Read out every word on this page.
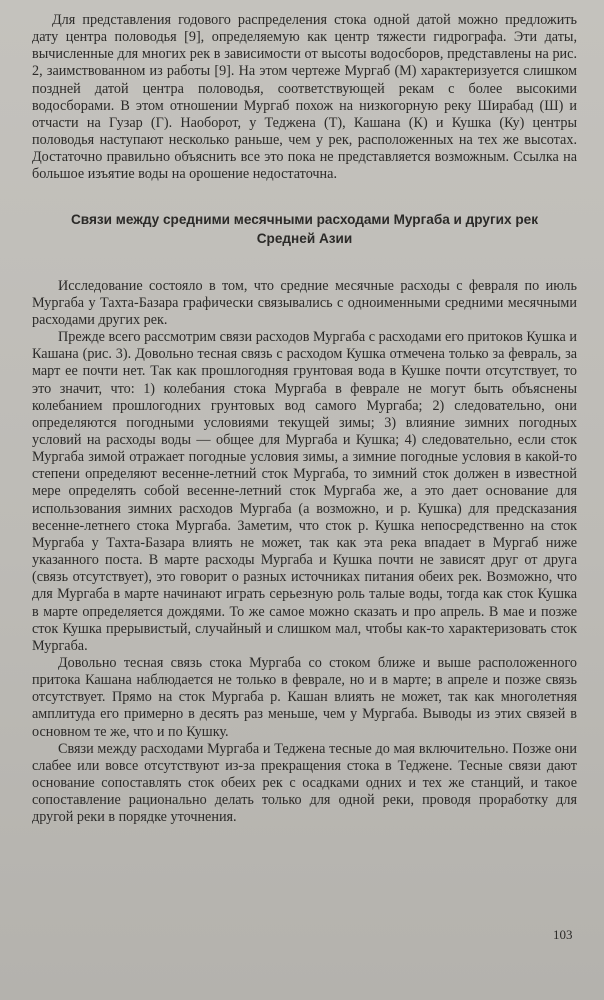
Для представления годового распределения стока одной датой можно предложить дату центра половодья [9], определяемую как центр тяжести гидрографа. Эти даты, вычисленные для многих рек в зависимости от высоты водосборов, представлены на рис. 2, заимствованном из работы [9]. На этом чертеже Мургаб (М) характеризуется слишком поздней датой центра половодья, соответствующей рекам с более высокими водосборами. В этом отношении Мургаб похож на низкогорную реку Ширабад (Ш) и отчасти на Гузар (Г). Наоборот, у Теджена (Т), Кашана (К) и Кушка (Ку) центры половодья наступают несколько раньше, чем у рек, расположенных на тех же высотах. Достаточно правильно объяснить все это пока не представляется возможным. Ссылка на большое изъятие воды на орошение недостаточна.

Связи между средними месячными расходами Мургаба и других рек Средней Азии

Исследование состояло в том, что средние месячные расходы с февраля по июль Мургаба у Тахта-Базара графически связывались с одноименными средними месячными расходами других рек.

Прежде всего рассмотрим связи расходов Мургаба с расходами его притоков Кушка и Кашана (рис. 3). Довольно тесная связь с расходом Кушка отмечена только за февраль, за март ее почти нет. Так как прошлогодняя грунтовая вода в Кушке почти отсутствует, то это значит, что: 1) колебания стока Мургаба в феврале не могут быть объяснены колебанием прошлогодних грунтовых вод самого Мургаба; 2) следовательно, они определяются погодными условиями текущей зимы; 3) влияние зимних погодных условий на расходы воды — общее для Мургаба и Кушка; 4) следовательно, если сток Мургаба зимой отражает погодные условия зимы, а зимние погодные условия в какой-то степени определяют весенне-летний сток Мургаба, то зимний сток должен в известной мере определять собой весенне-летний сток Мургаба же, а это дает основание для использования зимних расходов Мургаба (а возможно, и р. Кушка) для предсказания весенне-летнего стока Мургаба. Заметим, что сток р. Кушка непосредственно на сток Мургаба у Тахта-Базара влиять не может, так как эта река впадает в Мургаб ниже указанного поста. В марте расходы Мургаба и Кушка почти не зависят друг от друга (связь отсутствует), это говорит о разных источниках питания обеих рек. Возможно, что для Мургаба в марте начинают играть серьезную роль талые воды, тогда как сток Кушка в марте определяется дождями. То же самое можно сказать и про апрель. В мае и позже сток Кушка прерывистый, случайный и слишком мал, чтобы как-то характеризовать сток Мургаба.

Довольно тесная связь стока Мургаба со стоком ближе и выше расположенного притока Кашана наблюдается не только в феврале, но и в марте; в апреле и позже связь отсутствует. Прямо на сток Мургаба р. Кашан влиять не может, так как многолетняя амплитуда его примерно в десять раз меньше, чем у Мургаба. Выводы из этих связей в основном те же, что и по Кушку.

Связи между расходами Мургаба и Теджена тесные до мая включительно. Позже они слабее или вовсе отсутствуют из-за прекращения стока в Теджене. Тесные связи дают основание сопоставлять сток обеих рек с осадками одних и тех же станций, и такое сопоставление рационально делать только для одной реки, проводя проработку для другой реки в порядке уточнения.

103
